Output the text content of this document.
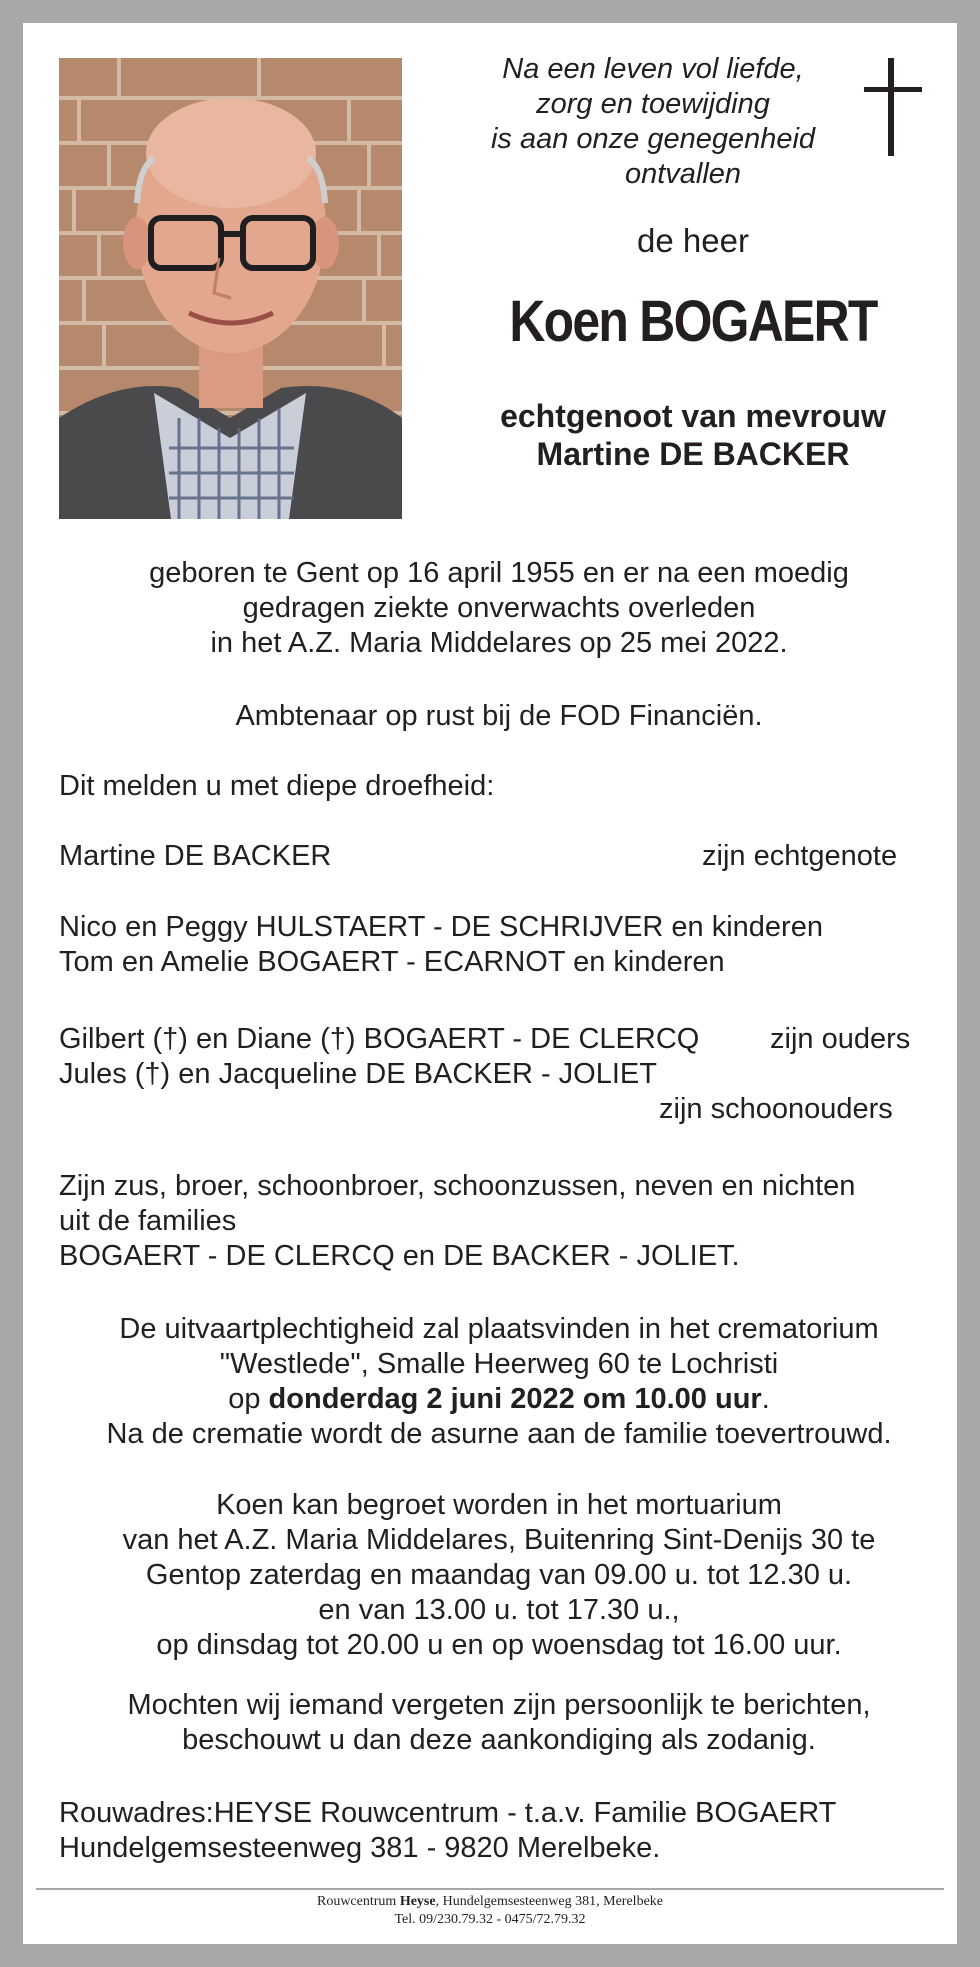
Na een leven vol liefde,
zorg en toewijding
is aan onze genegenheid
ontvallen
de heer
Koen BOGAERT
echtgenoot van mevrouw
Martine DE BACKER
geboren te Gent op 16 april 1955 en er na een moedig
gedragen ziekte onverwachts overleden
in het A.Z. Maria Middelares op 25 mei 2022.
Ambtenaar op rust bij de FOD Financiën.
Dit melden u met diepe droefheid:
Martine DE BACKER	zijn echtgenote
Nico en Peggy HULSTAERT - DE SCHRIJVER en kinderen
Tom en Amelie BOGAERT - ECARNOT en kinderen
Gilbert (†) en Diane (†) BOGAERT - DE CLERCQ zijn ouders
Jules (†) en Jacqueline DE BACKER - JOLIET
zijn schoonouders
Zijn zus, broer, schoonbroer, schoonzussen, neven en nichten
uit de families
BOGAERT - DE CLERCQ en DE BACKER - JOLIET.
De uitvaartplechtigheid zal plaatsvinden in het crematorium
"Westlede", Smalle Heerweg 60 te Lochristi
op donderdag 2 juni 2022 om 10.00 uur.
Na de crematie wordt de asurne aan de familie toevertrouwd.
Koen kan begroet worden in het mortuarium
van het A.Z. Maria Middelares, Buitenring Sint-Denijs 30 te
Gentop zaterdag en maandag van 09.00 u. tot 12.30 u.
en van 13.00 u. tot 17.30 u.,
op dinsdag tot 20.00 u en op woensdag tot 16.00 uur.
Mochten wij iemand vergeten zijn persoonlijk te berichten,
beschouwt u dan deze aankondiging als zodanig.
Rouwadres:HEYSE Rouwcentrum - t.a.v. Familie BOGAERT
Hundelgemsesteenweg 381 - 9820 Merelbeke.
Rouwcentrum Heyse, Hundelgemsesteenweg 381, Merelbeke
Tel. 09/230.79.32 - 0475/72.79.32
